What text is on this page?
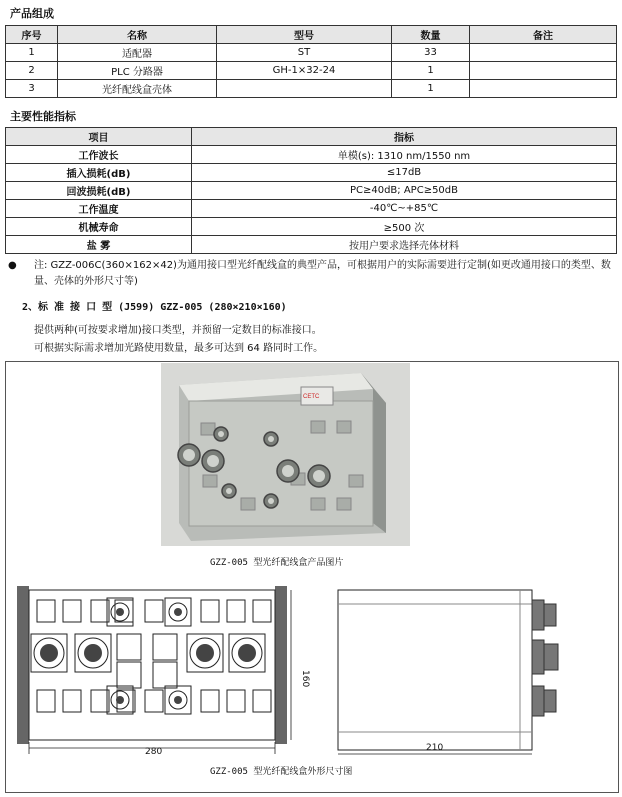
产品组成
序号	名称	型号	数量	备注
1	适配器	ST	33	
2	PLC 分路器	GH-1×32-24	1	
3	光纤配线盒壳体		1	
主要性能指标
项目	指标
工作波长	单模(s): 1310 nm/1550 nm
插入损耗(dB)	≤17dB
回波损耗(dB)	PC≥40dB; APC≥50dB
工作温度	-40℃~+85℃
机械寿命	≥500 次
盐 雾	按用户要求选择壳体材料
● 注: GZZ-006C(360×162×42)为通用接口型光纤配线盒的典型产品，可根据用户的实际需要进行定制(如更改通用接口的类型、数量、壳体的外形尺寸等)
2、标 准 接 口 型 (J599) GZZ-005 (280×210×160)
提供两种(可按要求增加)接口类型，并预留一定数目的标准接口。
可根据实际需求增加光路使用数量，最多可达到 64 路同时工作。
CETC
GZZ-005 型光纤配线盒产品图片
280
160
210
GZZ-005 型光纤配线盒外形尺寸图
